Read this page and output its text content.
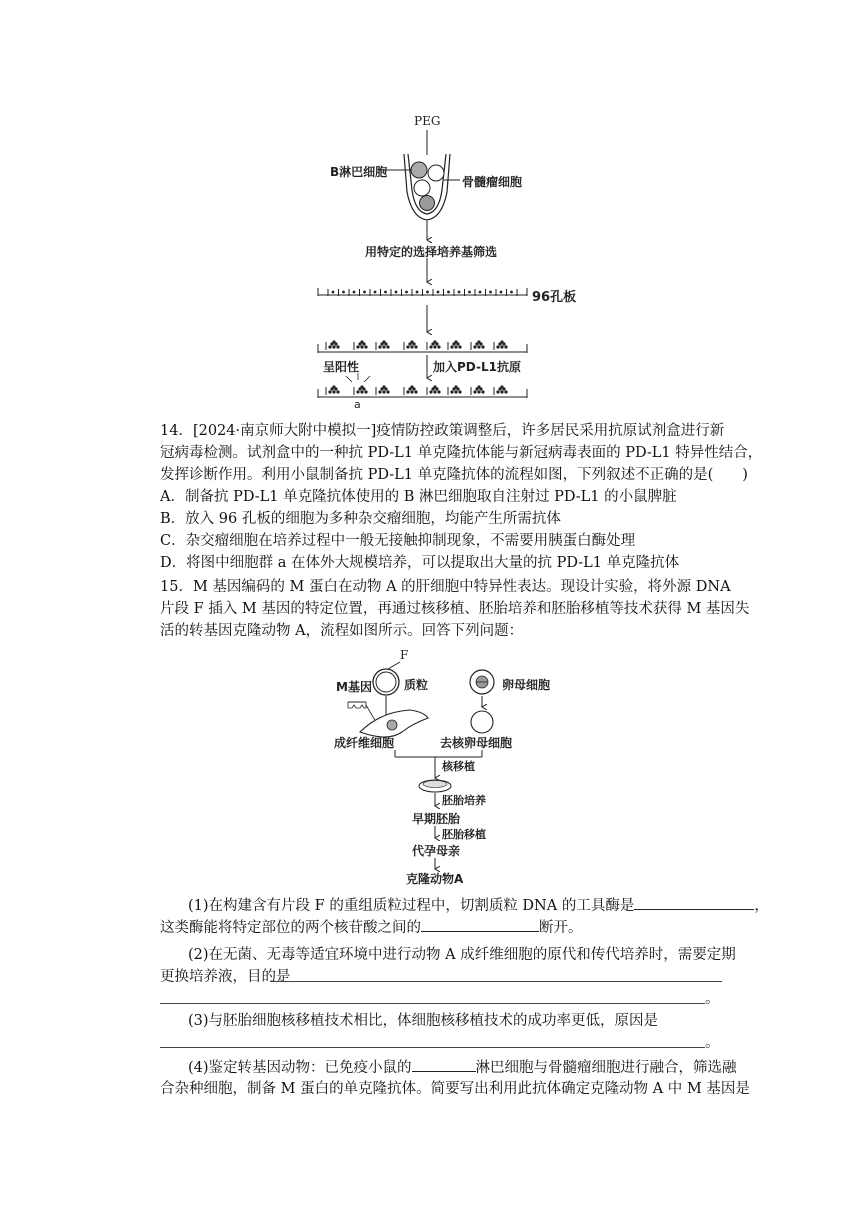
PEG
B淋巴细胞
骨髓瘤细胞
用特定的选择培养基筛选
96孔板
呈阳性	加入PD-L1抗原
a
14．[2024·南京师大附中模拟一]疫情防控政策调整后，许多居民采用抗原试剂盒进行新
冠病毒检测。试剂盒中的一种抗 PD-L1 单克隆抗体能与新冠病毒表面的 PD-L1 特异性结合，
发挥诊断作用。利用小鼠制备抗 PD-L1 单克隆抗体的流程如图，下列叙述不正确的是(　　)
A．制备抗 PD-L1 单克隆抗体使用的 B 淋巴细胞取自注射过 PD-L1 的小鼠脾脏
B．放入 96 孔板的细胞为多种杂交瘤细胞，均能产生所需抗体
C．杂交瘤细胞在培养过程中一般无接触抑制现象，不需要用胰蛋白酶处理
D．将图中细胞群 a 在体外大规模培养，可以提取出大量的抗 PD-L1 单克隆抗体
15．M 基因编码的 M 蛋白在动物 A 的肝细胞中特异性表达。现设计实验，将外源 DNA
片段 F 插入 M 基因的特定位置，再通过核移植、胚胎培养和胚胎移植等技术获得 M 基因失
活的转基因克隆动物 A，流程如图所示。回答下列问题：
F
M基因	质粒	卵母细胞
成纤维细胞	去核卵母细胞
核移植
胚胎培养
早期胚胎
胚胎移植
代孕母亲
克隆动物A
(1)在构建含有片段 F 的重组质粒过程中，切割质粒 DNA 的工具酶是	，
这类酶能将特定部位的两个核苷酸之间的	断开。
(2)在无菌、无毒等适宜环境中进行动物 A 成纤维细胞的原代和传代培养时，需要定期
更换培养液，目的是
。
(3)与胚胎细胞核移植技术相比，体细胞核移植技术的成功率更低，原因是
。
(4)鉴定转基因动物：已免疫小鼠的	淋巴细胞与骨髓瘤细胞进行融合，筛选融
合杂种细胞，制备 M 蛋白的单克隆抗体。简要写出利用此抗体确定克隆动物 A 中 M 基因是
